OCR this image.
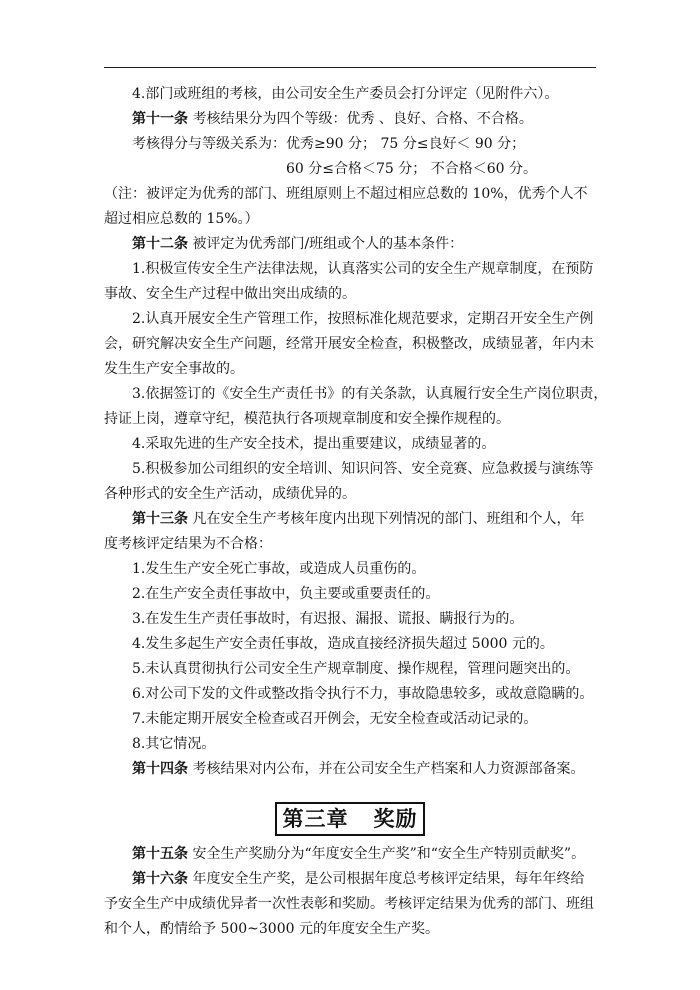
4.部门或班组的考核，由公司安全生产委员会打分评定（见附件六）。

第十一条 考核结果分为四个等级：优秀 、良好、合格、不合格。

考核得分与等级关系为：优秀≥90 分； 75 分≤良好＜ 90 分；

60 分≤合格＜75 分； 不合格＜60 分。

（注：被评定为优秀的部门、班组原则上不超过相应总数的 10%，优秀个人不

超过相应总数的 15%。）

第十二条 被评定为优秀部门/班组或个人的基本条件：

1.积极宣传安全生产法律法规，认真落实公司的安全生产规章制度，在预防

事故、安全生产过程中做出突出成绩的。

2.认真开展安全生产管理工作，按照标准化规范要求，定期召开安全生产例

会，研究解决安全生产问题，经常开展安全检查，积极整改，成绩显著，年内未

发生生产安全事故的。

3.依据签订的《安全生产责任书》的有关条款，认真履行安全生产岗位职责，

持证上岗，遵章守纪，模范执行各项规章制度和安全操作规程的。

4.采取先进的生产安全技术，提出重要建议，成绩显著的。

5.积极参加公司组织的安全培训、知识问答、安全竞赛、应急救援与演练等

各种形式的安全生产活动，成绩优异的。

第十三条 凡在安全生产考核年度内出现下列情况的部门、班组和个人，年

度考核评定结果为不合格：

1.发生生产安全死亡事故，或造成人员重伤的。

2.在生产安全责任事故中，负主要或重要责任的。

3.在发生生产责任事故时，有迟报、漏报、谎报、瞒报行为的。

4.发生多起生产安全责任事故，造成直接经济损失超过 5000 元的。

5.未认真贯彻执行公司安全生产规章制度、操作规程，管理问题突出的。

6.对公司下发的文件或整改指令执行不力，事故隐患较多，或故意隐瞒的。

7.未能定期开展安全检查或召开例会，无安全检查或活动记录的。

8.其它情况。

第十四条 考核结果对内公布，并在公司安全生产档案和人力资源部备案。

第三章   奖励

第十五条 安全生产奖励分为“年度安全生产奖”和“安全生产特别贡献奖”。

第十六条 年度安全生产奖，是公司根据年度总考核评定结果，每年年终给

予安全生产中成绩优异者一次性表彰和奖励。考核评定结果为优秀的部门、班组

和个人，酌情给予 500~3000 元的年度安全生产奖。
